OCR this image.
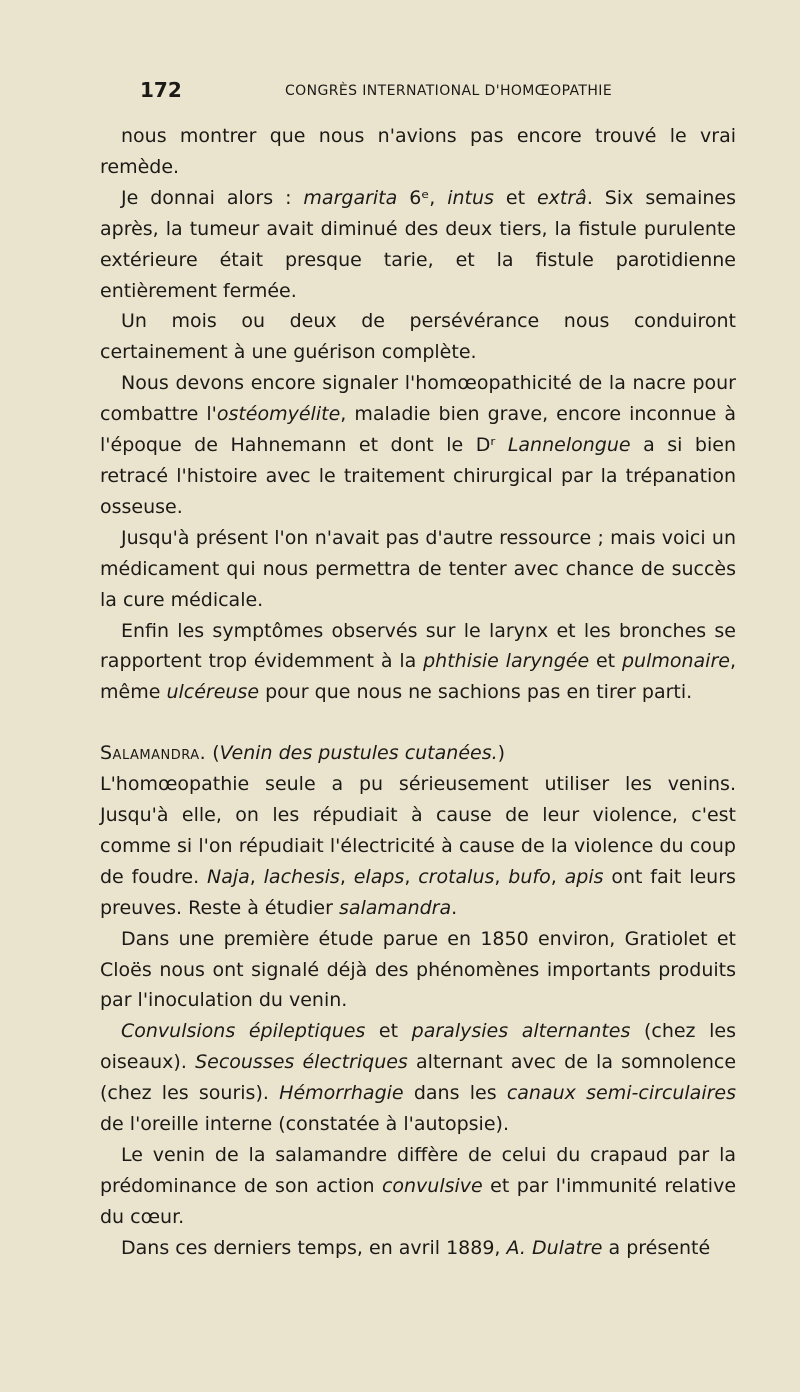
172	CONGRÈS INTERNATIONAL D'HOMŒOPATHIE

nous montrer que nous n'avions pas encore trouvé le vrai remède.

Je donnai alors : margarita 6ᵉ, intus et extrâ. Six semaines après, la tumeur avait diminué des deux tiers, la fistule purulente extérieure était presque tarie, et la fistule parotidienne entièrement fermée.

Un mois ou deux de persévérance nous conduiront certainement à une guérison complète.

Nous devons encore signaler l'homœopathicité de la nacre pour combattre l'ostéomyélite, maladie bien grave, encore inconnue à l'époque de Hahnemann et dont le Dʳ Lannelongue a si bien retracé l'histoire avec le traitement chirurgical par la trépanation osseuse.

Jusqu'à présent l'on n'avait pas d'autre ressource ; mais voici un médicament qui nous permettra de tenter avec chance de succès la cure médicale.

Enfin les symptômes observés sur le larynx et les bronches se rapportent trop évidemment à la phthisie laryngée et pulmonaire, même ulcéreuse pour que nous ne sachions pas en tirer parti.

Salamandra. (Venin des pustules cutanées.)

L'homœopathie seule a pu sérieusement utiliser les venins. Jusqu'à elle, on les répudiait à cause de leur violence, c'est comme si l'on répudiait l'électricité à cause de la violence du coup de foudre. Naja, lachesis, elaps, crotalus, bufo, apis ont fait leurs preuves. Reste à étudier salamandra.

Dans une première étude parue en 1850 environ, Gratiolet et Cloës nous ont signalé déjà des phénomènes importants produits par l'inoculation du venin.

Convulsions épileptiques et paralysies alternantes (chez les oiseaux). Secousses électriques alternant avec de la somnolence (chez les souris). Hémorrhagie dans les canaux semi-circulaires de l'oreille interne (constatée à l'autopsie).

Le venin de la salamandre diffère de celui du crapaud par la prédominance de son action convulsive et par l'immunité relative du cœur.

Dans ces derniers temps, en avril 1889, A. Dulatre a présenté
